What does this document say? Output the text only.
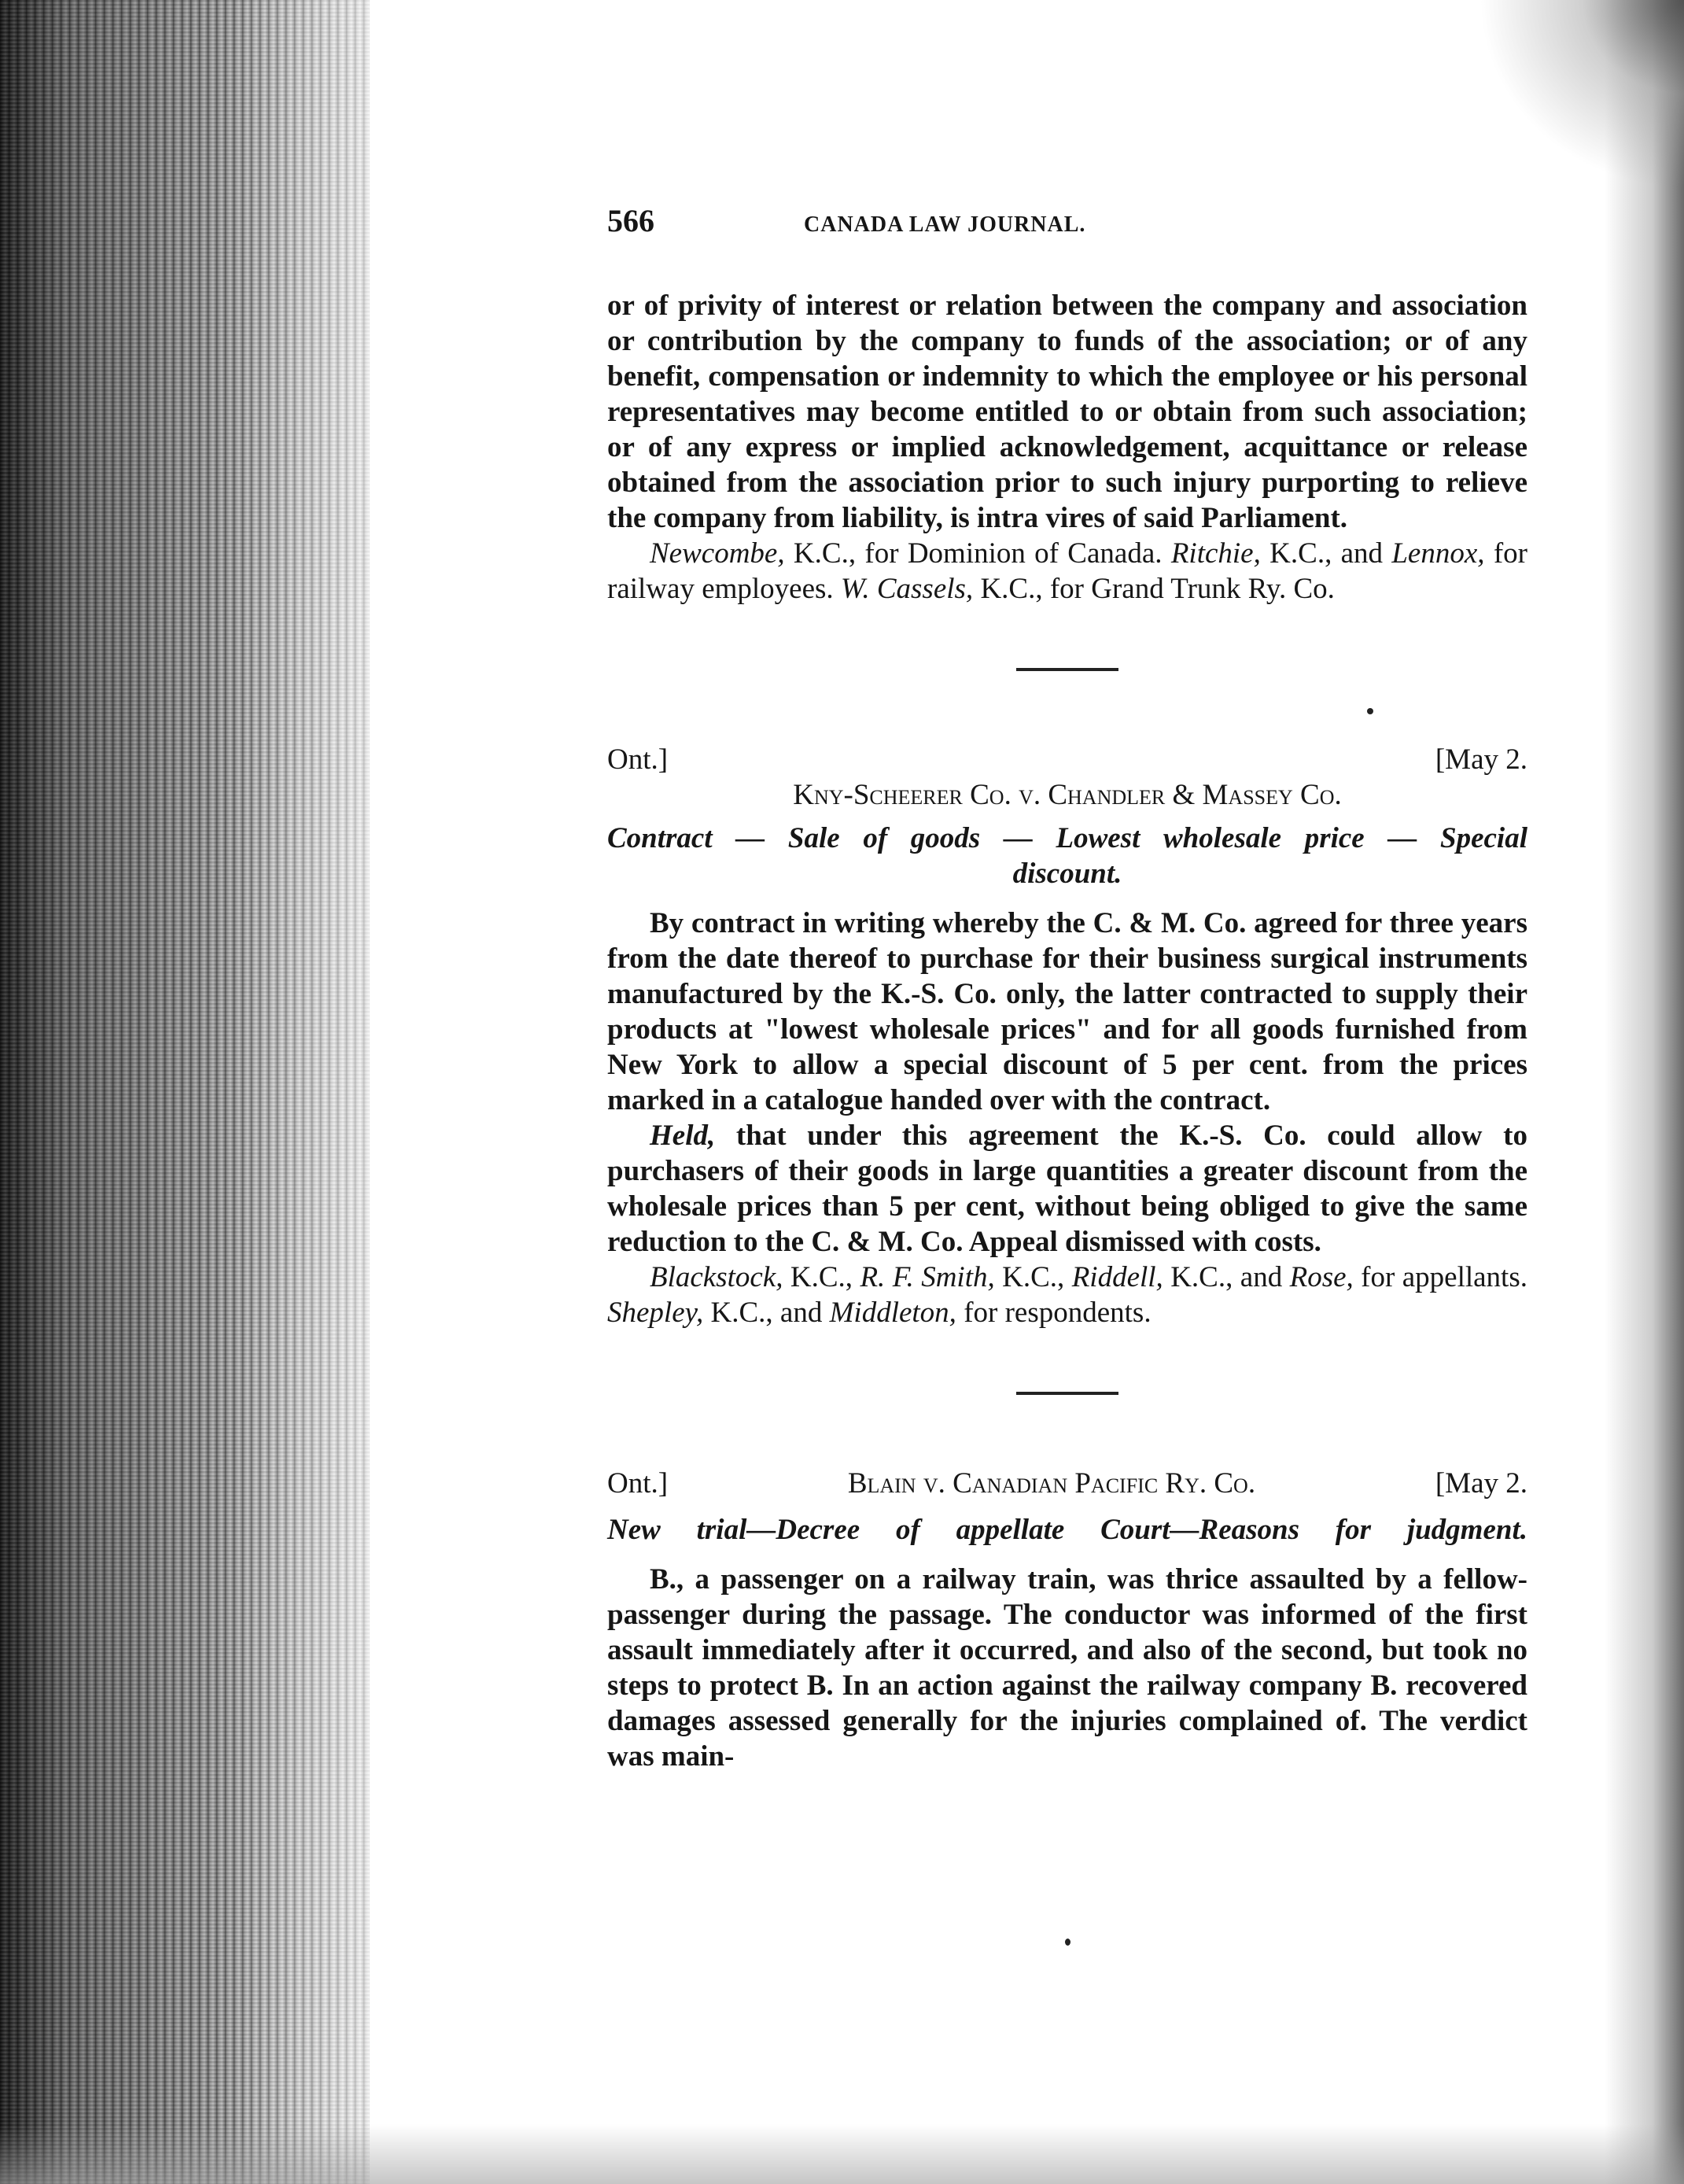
566	CANADA LAW JOURNAL.

or of privity of interest or relation between the company and association or contribution by the company to funds of the association; or of any benefit, compensation or indemnity to which the employee or his personal representatives may become entitled to or obtain from such association; or of any express or implied acknowledgement, acquittance or release obtained from the association prior to such injury purporting to relieve the company from liability, is intra vires of said Parliament.

Newcombe, K.C., for Dominion of Canada. Ritchie, K.C., and Lennox, for railway employees. W. Cassels, K.C., for Grand Trunk Ry. Co.

Ont.]	[May 2.
Kny-Scheerer Co. v. Chandler & Massey Co.
Contract — Sale of goods — Lowest wholesale price — Special
discount.

By contract in writing whereby the C. & M. Co. agreed for three years from the date thereof to purchase for their business surgical instruments manufactured by the K.-S. Co. only, the latter contracted to supply their products at "lowest wholesale prices" and for all goods furnished from New York to allow a special discount of 5 per cent. from the prices marked in a catalogue handed over with the contract.

Held, that under this agreement the K.-S. Co. could allow to purchasers of their goods in large quantities a greater discount from the wholesale prices than 5 per cent, without being obliged to give the same reduction to the C. & M. Co. Appeal dismissed with costs.

Blackstock, K.C., R. F. Smith, K.C., Riddell, K.C., and Rose, for appellants. Shepley, K.C., and Middleton, for respondents.

Ont.]	Blain v. Canadian Pacific Ry. Co.	[May 2.
New trial—Decree of appellate Court—Reasons for judgment.

B., a passenger on a railway train, was thrice assaulted by a fellow-passenger during the passage. The conductor was informed of the first assault immediately after it occurred, and also of the second, but took no steps to protect B. In an action against the railway company B. recovered damages assessed generally for the injuries complained of. The verdict was main-
